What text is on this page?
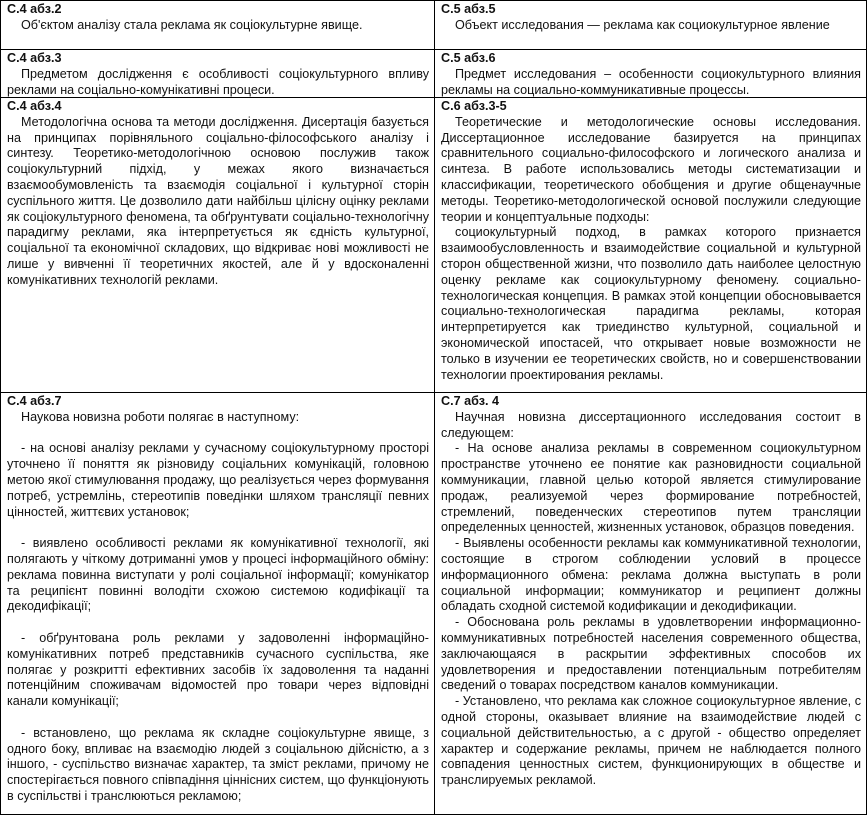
С.4 абз.2

Об'єктом аналізу стала реклама як соціокультурне явище.

С.5 абз.5

Объект исследования — реклама как социокультурное явление

С.4 абз.3

Предметом дослідження є особливості соціокультурного впливу реклами на соціально-комунікативні процеси.

С.5 абз.6

Предмет исследования – особенности социокультурного влияния рекламы на социально-коммуникативные процессы.

С.4 абз.4

Методологічна основа та методи дослідження. Дисертація базується на принципах порівняльного соціально-філософського аналізу і синтезу. Теоретико-методологічною основою послужив також соціокультурний підхід, у межах якого визначається взаємообумовленість та взаємодія соціальної і культурної сторін суспільного життя. Це дозволило дати найбільш цілісну оцінку реклами як соціокультурного феномена, та обґрунтувати соціально-технологічну парадигму реклами, яка інтерпретується як єдність культурної, соціальної та економічної складових, що відкриває нові можливості не лише у вивченні її теоретичних якостей, але й у вдосконаленні комунікативних технологій реклами.

С.6 абз.3-5

Теоретические и методологические основы исследования. Диссертационное исследование базируется на принципах сравнительного социально-философского и логического анализа и синтеза. В работе использовались методы систематизации и классификации, теоретического обобщения и другие общенаучные методы. Теоретико-методологической основой послужили следующие теории и концептуальные подходы:

социокультурный подход, в рамках которого признается взаимообусловленность и взаимодействие социальной и культурной сторон общественной жизни, что позволило дать наиболее целостную оценку рекламе как социокультурному феномену. социально-технологическая концепция. В рамках этой концепции обосновывается социально-технологическая парадигма рекламы, которая интерпретируется как триединство культурной, социальной и экономической ипостасей, что открывает новые возможности не только в изучении ее теоретических свойств, но и совершенствовании технологии проектирования рекламы.

С.4 абз.7

Наукова новизна роботи полягає в наступному:

- на основі аналізу реклами у сучасному соціокультурному просторі уточнено її поняття як різновиду соціальних комунікацій, головною метою якої стимулювання продажу, що реалізується через формування потреб, устремлінь, стереотипів поведінки шляхом трансляції певних цінностей, життєвих установок;

- виявлено особливості реклами як комунікативної технології, які полягають у чіткому дотриманні умов у процесі інформаційного обміну: реклама повинна виступати у ролі соціальної інформації; комунікатор та реципієнт повинні володіти схожою системою кодифікації та декодифікації;

- обґрунтована роль реклами у задоволенні інформаційно-комунікативних потреб представників сучасного суспільства, яке полягає у розкритті ефективних засобів їх задоволення та наданні потенційним споживачам відомостей про товари через відповідні канали комунікації;

- встановлено, що реклама як складне соціокультурне явище, з одного боку, впливає на взаємодію людей з соціальною дійсністю, а з іншого, - суспільство визначає характер, та зміст реклами, причому не спостерігається повного співпадіння ціннісних систем, що функціонують в суспільстві і транслюються рекламою;

С.7 абз. 4

Научная новизна диссертационного исследования состоит в следующем:

- На основе анализа рекламы в современном социокультурном пространстве уточнено ее понятие как разновидности социальной коммуникации, главной целью которой является стимулирование продаж, реализуемой через формирование потребностей, стремлений, поведенческих стереотипов путем трансляции определенных ценностей, жизненных установок, образцов поведения.

- Выявлены особенности рекламы как коммуникативной технологии, состоящие в строгом соблюдении условий в процессе информационного обмена: реклама должна выступать в роли социальной информации; коммуникатор и реципиент должны обладать сходной системой кодификации и декодификации.

- Обоснована роль рекламы в удовлетворении информационно-коммуникативных потребностей населения современного общества, заключающаяся в раскрытии эффективных способов их удовлетворения и предоставлении потенциальным потребителям сведений о товарах посредством каналов коммуникации.

- Установлено, что реклама как сложное социокультурное явление, с одной стороны, оказывает влияние на взаимодействие людей с социальной действительностью, а с другой - общество определяет характер и содержание рекламы, причем не наблюдается полного совпадения ценностных систем, функционирующих в обществе и транслируемых рекламой.
